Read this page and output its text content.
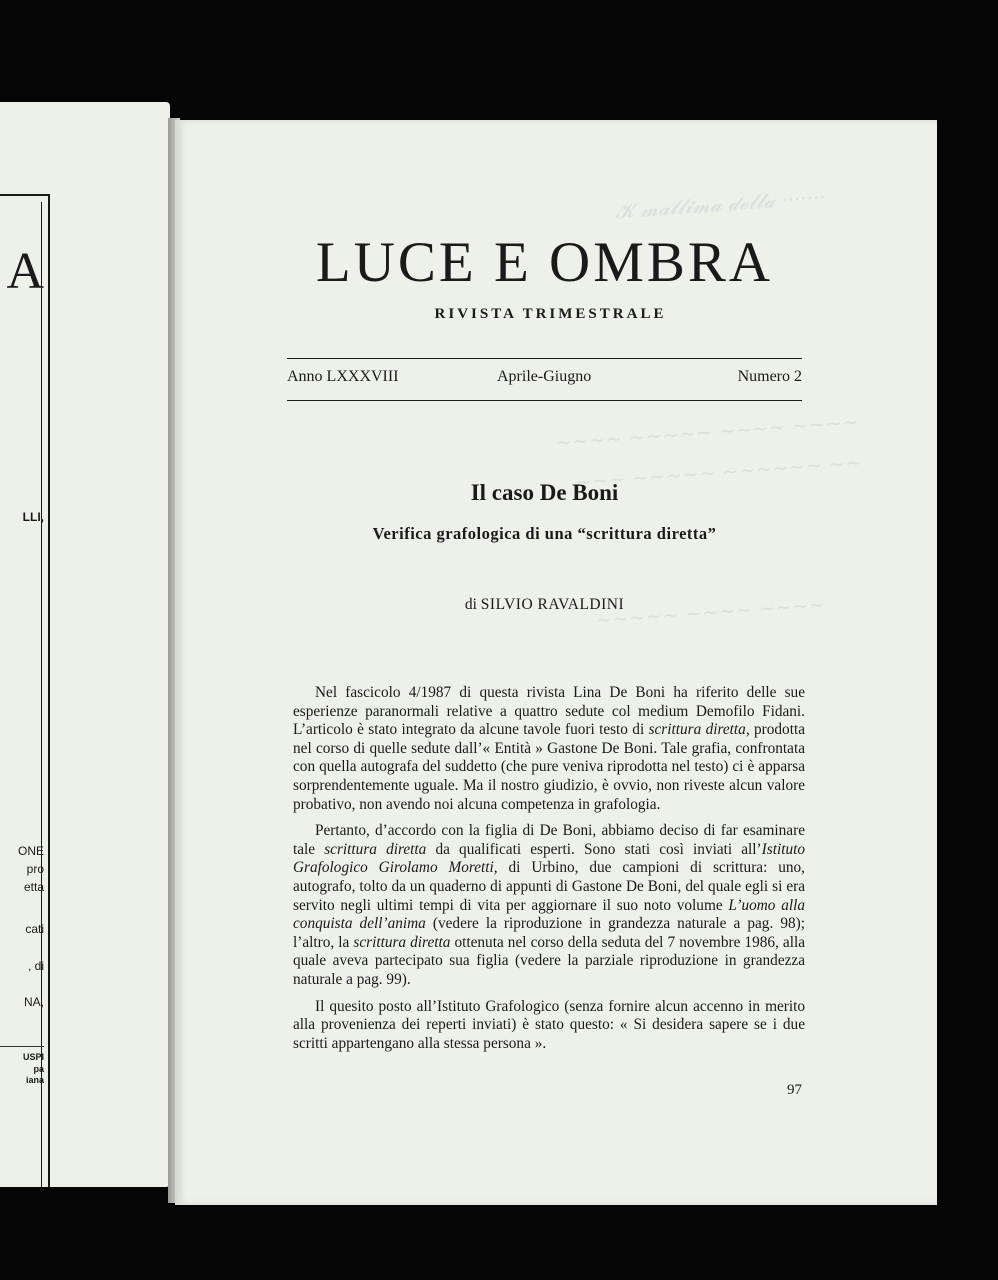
A
LLI,
ONE
pro
etta
cati
, di
NA,
USPI
pa
iana
𝓚 𝓶𝓪𝓵𝓵𝓲𝓶𝓪 𝓭𝓮𝓵𝓵𝓪 ·······
~~~~ ~~~~~ ~~~~ ~~~~
~~~ ~~~~~ ~~~~~~ ~~
~~~~~ ~~~~ ~~~~
LUCE E OMBRA
RIVISTA TRIMESTRALE
Anno LXXXVIII	Aprile-Giugno	Numero 2
Il caso De Boni
Verifica grafologica di una “scrittura diretta”
di SILVIO RAVALDINI

Nel fascicolo 4/1987 di questa rivista Lina De Boni ha riferito delle sue esperienze paranormali relative a quattro sedute col medium Demofilo Fidani. L’articolo è stato integrato da alcune tavole fuori testo di scrittura diretta, prodotta nel corso di quelle sedute dall’« Entità » Gastone De Boni. Tale grafia, confrontata con quella autografa del suddetto (che pure veniva riprodotta nel testo) ci è apparsa sorprendentemente uguale. Ma il nostro giudizio, è ovvio, non riveste alcun valore probativo, non avendo noi alcuna competenza in grafologia.

Pertanto, d’accordo con la figlia di De Boni, abbiamo deciso di far esaminare tale scrittura diretta da qualificati esperti. Sono stati così inviati all’Istituto Grafologico Girolamo Moretti, di Urbino, due campioni di scrittura: uno, autografo, tolto da un quaderno di appunti di Gastone De Boni, del quale egli si era servito negli ultimi tempi di vita per aggiornare il suo noto volume L’uomo alla conquista dell’anima (vedere la riproduzione in grandezza naturale a pag. 98); l’altro, la scrittura diretta ottenuta nel corso della seduta del 7 novembre 1986, alla quale aveva partecipato sua figlia (vedere la parziale riproduzione in grandezza naturale a pag. 99).

Il quesito posto all’Istituto Grafologico (senza fornire alcun accenno in merito alla provenienza dei reperti inviati) è stato questo: « Si desidera sapere se i due scritti appartengano alla stessa persona ».

97
